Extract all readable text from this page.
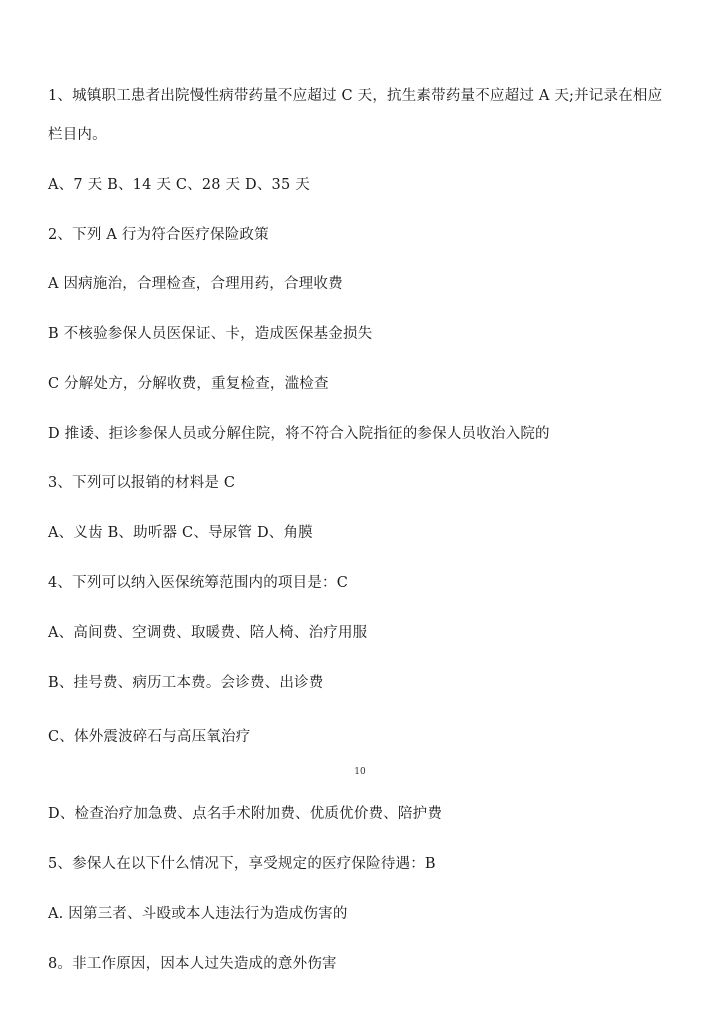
1、城镇职工患者出院慢性病带药量不应超过 C 天，抗生素带药量不应超过 A 天;并记录在相应
栏目内。
A、7 天 B、14 天 C、28 天 D、35 天
2、下列 A 行为符合医疗保险政策
A 因病施治，合理检查，合理用药，合理收费
B 不核验参保人员医保证、卡，造成医保基金损失
C 分解处方，分解收费，重复检查，滥检查
D 推诿、拒诊参保人员或分解住院，将不符合入院指征的参保人员收治入院的
3、下列可以报销的材料是 C
A、义齿 B、助听器 C、导尿管 D、角膜
4、下列可以纳入医保统筹范围内的项目是：C
A、高间费、空调费、取暖费、陪人椅、治疗用服
B、挂号费、病历工本费。会诊费、出诊费
C、体外震波碎石与高压氧治疗
10
D、检查治疗加急费、点名手术附加费、优质优价费、陪护费
5、参保人在以下什么情况下，享受规定的医疗保险待遇：B
A. 因第三者、斗殴或本人违法行为造成伤害的
8。非工作原因，因本人过失造成的意外伤害
